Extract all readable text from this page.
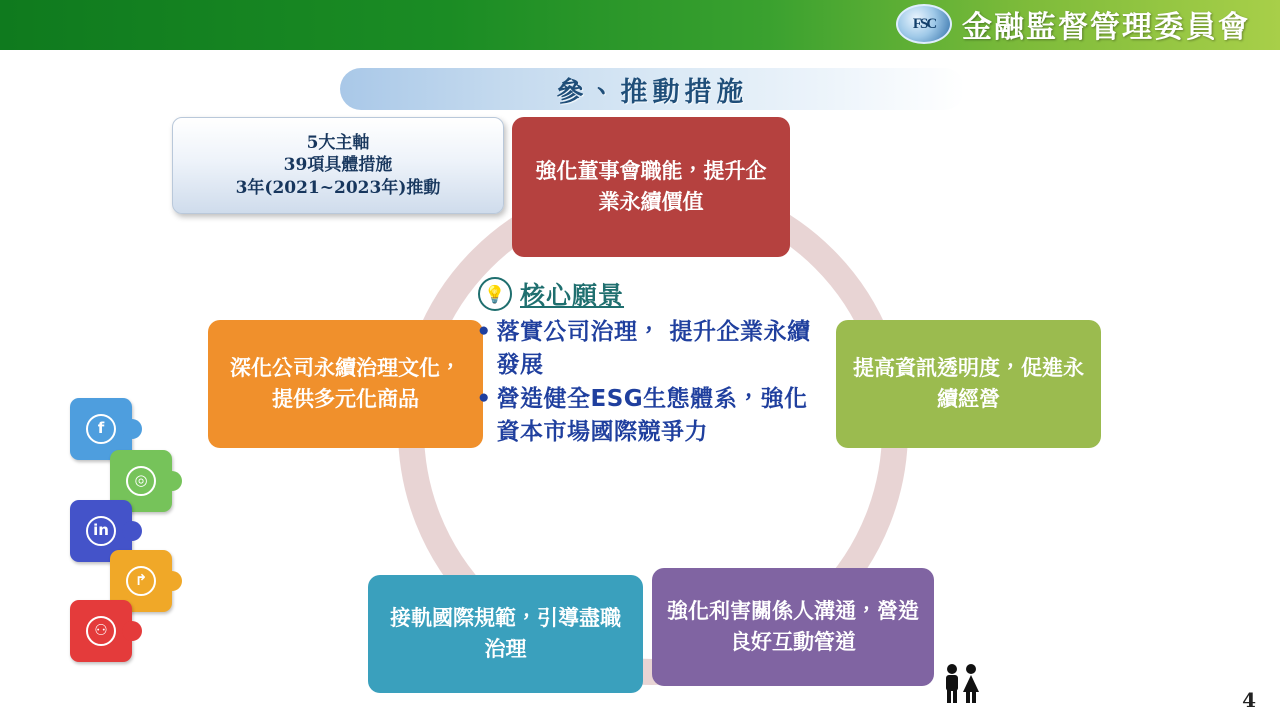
FSC 金融監督管理委員會
參、推動措施
5大主軸
39項具體措施
3年(2021~2023年)推動
強化董事會職能，提升企業永續價值
提高資訊透明度，促進永續經營
深化公司永續治理文化，提供多元化商品
接軌國際規範，引導盡職治理
強化利害關係人溝通，營造良好互動管道
💡 核心願景
● 落實公司治理， 提升企業永續發展
● 營造健全ESG生態體系，強化資本市場國際競爭力
f
◎
in
↱
⚇
4
